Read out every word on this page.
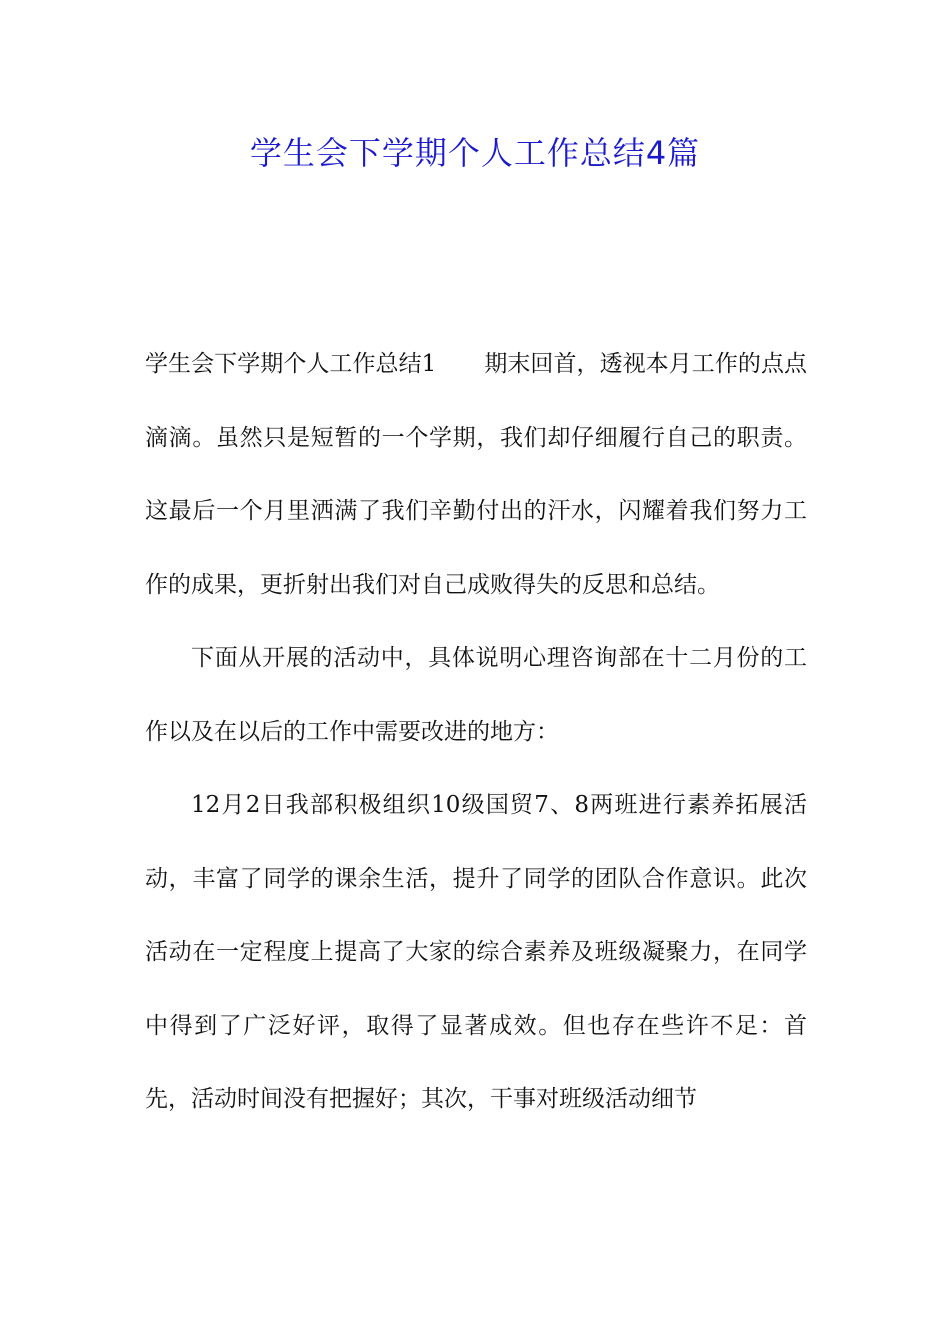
学生会下学期个人工作总结4篇

学生会下学期个人工作总结1 期末回首，透视本月工作的点点滴滴。虽然只是短暂的一个学期，我们却仔细履行自己的职责。这最后一个月里洒满了我们辛勤付出的汗水，闪耀着我们努力工作的成果，更折射出我们对自己成败得失的反思和总结。

下面从开展的活动中，具体说明心理咨询部在十二月份的工作以及在以后的工作中需要改进的地方：

12月2日我部积极组织10级国贸7、8两班进行素养拓展活动，丰富了同学的课余生活，提升了同学的团队合作意识。此次活动在一定程度上提高了大家的综合素养及班级凝聚力，在同学中得到了广泛好评，取得了显著成效。但也存在些许不足：首先，活动时间没有把握好；其次，干事对班级活动细节
